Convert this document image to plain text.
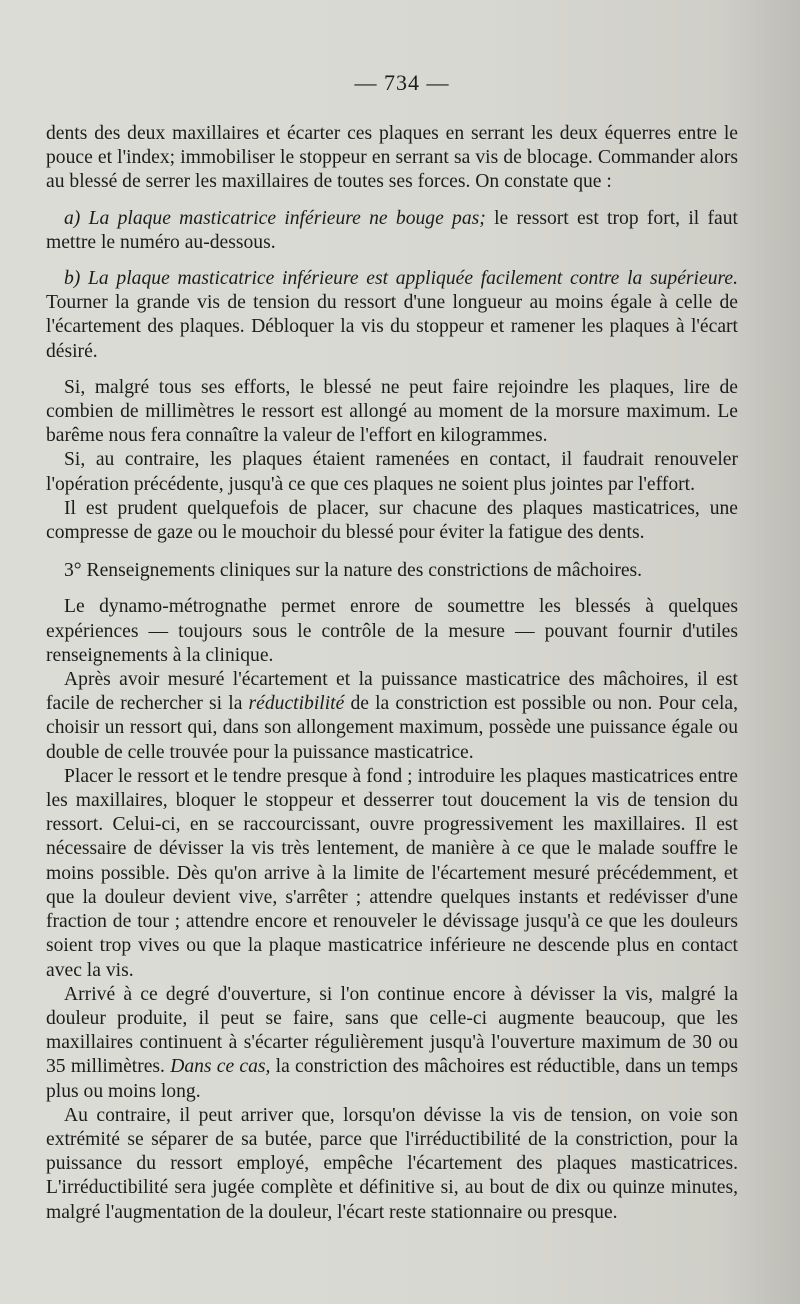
— 734 —

dents des deux maxillaires et écarter ces plaques en serrant les deux équerres entre le pouce et l'index; immobiliser le stoppeur en serrant sa vis de blocage. Commander alors au blessé de serrer les maxillaires de toutes ses forces. On constate que :

a) La plaque masticatrice inférieure ne bouge pas; le ressort est trop fort, il faut mettre le numéro au-dessous.

b) La plaque masticatrice inférieure est appliquée facilement contre la supérieure. Tourner la grande vis de tension du ressort d'une longueur au moins égale à celle de l'écartement des plaques. Débloquer la vis du stoppeur et ramener les plaques à l'écart désiré.

Si, malgré tous ses efforts, le blessé ne peut faire rejoindre les plaques, lire de combien de millimètres le ressort est allongé au moment de la morsure maximum. Le barême nous fera connaître la valeur de l'effort en kilogrammes.

Si, au contraire, les plaques étaient ramenées en contact, il faudrait renouveler l'opération précédente, jusqu'à ce que ces plaques ne soient plus jointes par l'effort.

Il est prudent quelquefois de placer, sur chacune des plaques masticatrices, une compresse de gaze ou le mouchoir du blessé pour éviter la fatigue des dents.

3° Renseignements cliniques sur la nature des constrictions de mâchoires.

Le dynamo-métrognathe permet enrore de soumettre les blessés à quelques expériences — toujours sous le contrôle de la mesure — pouvant fournir d'utiles renseignements à la clinique.

Après avoir mesuré l'écartement et la puissance masticatrice des mâchoires, il est facile de rechercher si la réductibilité de la constriction est possible ou non. Pour cela, choisir un ressort qui, dans son allongement maximum, possède une puissance égale ou double de celle trouvée pour la puissance masticatrice.

Placer le ressort et le tendre presque à fond ; introduire les plaques masticatrices entre les maxillaires, bloquer le stoppeur et desserrer tout doucement la vis de tension du ressort. Celui-ci, en se raccourcissant, ouvre progressivement les maxillaires. Il est nécessaire de dévisser la vis très lentement, de manière à ce que le malade souffre le moins possible. Dès qu'on arrive à la limite de l'écartement mesuré précédemment, et que la douleur devient vive, s'arrêter ; attendre quelques instants et redévisser d'une fraction de tour ; attendre encore et renouveler le dévissage jusqu'à ce que les douleurs soient trop vives ou que la plaque masticatrice inférieure ne descende plus en contact avec la vis.

Arrivé à ce degré d'ouverture, si l'on continue encore à dévisser la vis, malgré la douleur produite, il peut se faire, sans que celle-ci augmente beaucoup, que les maxillaires continuent à s'écarter régulièrement jusqu'à l'ouverture maximum de 30 ou 35 millimètres. Dans ce cas, la constriction des mâchoires est réductible, dans un temps plus ou moins long.

Au contraire, il peut arriver que, lorsqu'on dévisse la vis de tension, on voie son extrémité se séparer de sa butée, parce que l'irréductibilité de la constriction, pour la puissance du ressort employé, empêche l'écartement des plaques masticatrices. L'irréductibilité sera jugée complète et définitive si, au bout de dix ou quinze minutes, malgré l'augmentation de la douleur, l'écart reste stationnaire ou presque.
